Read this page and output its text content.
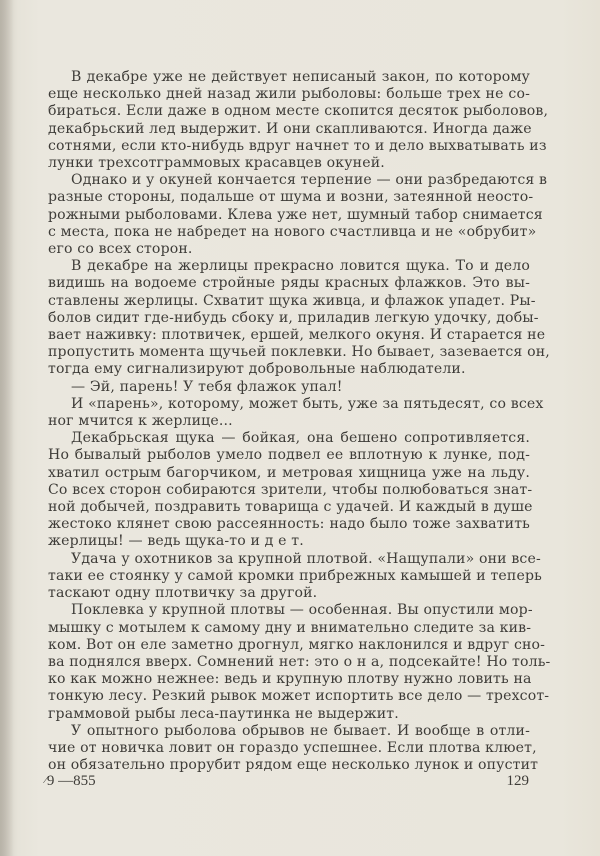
В декабре уже не действует неписаный закон, по которому
еще несколько дней назад жили рыболовы: больше трех не со-
бираться. Если даже в одном месте скопится десяток рыболовов,
декабрьский лед выдержит. И они скапливаются. Иногда даже
сотнями, если кто-нибудь вдруг начнет то и дело выхватывать из
лунки трехсотграммовых красавцев окуней.

Однако и у окуней кончается терпение — они разбредаются в
разные стороны, подальше от шума и возни, затеянной неосто-
рожными рыболовами. Клева уже нет, шумный табор снимается
с места, пока не набредет на нового счастливца и не «обрубит»
его со всех сторон.

В декабре на жерлицы прекрасно ловится щука. То и дело
видишь на водоеме стройные ряды красных флажков. Это вы-
ставлены жерлицы. Схватит щука живца, и флажок упадет. Ры-
болов сидит где-нибудь сбоку и, приладив легкую удочку, добы-
вает наживку: плотвичек, ершей, мелкого окуня. И старается не
пропустить момента щучьей поклевки. Но бывает, зазевается он,
тогда ему сигнализируют добровольные наблюдатели.

— Эй, парень! У тебя флажок упал!

И «парень», которому, может быть, уже за пятьдесят, со всех
ног мчится к жерлице...

Декабрьская щука — бойкая, она бешено сопротивляется.
Но бывалый рыболов умело подвел ее вплотную к лунке, под-
хватил острым багорчиком, и метровая хищница уже на льду.
Со всех сторон собираются зрители, чтобы полюбоваться знат-
ной добычей, поздравить товарища с удачей. И каждый в душе
жестоко клянет свою рассеянность: надо было тоже захватить
жерлицы! — ведь щука-то и д е т.

Удача у охотников за крупной плотвой. «Нащупали» они все-
таки ее стоянку у самой кромки прибрежных камышей и теперь
таскают одну плотвичку за другой.

Поклевка у крупной плотвы — особенная. Вы опустили мор-
мышку с мотылем к самому дну и внимательно следите за кив-
ком. Вот он еле заметно дрогнул, мягко наклонился и вдруг сно-
ва поднялся вверх. Сомнений нет: это о н а, подсекайте! Но толь-
ко как можно нежнее: ведь и крупную плотву нужно ловить на
тонкую лесу. Резкий рывок может испортить все дело — трехсот-
граммовой рыбы леса-паутинка не выдержит.

У опытного рыболова обрывов не бывает. И вообще в отли-
чие от новичка ловит он гораздо успешнее. Если плотва клюет,
он обязательно прорубит рядом еще несколько лунок и опустит

⁄9 —855	129
